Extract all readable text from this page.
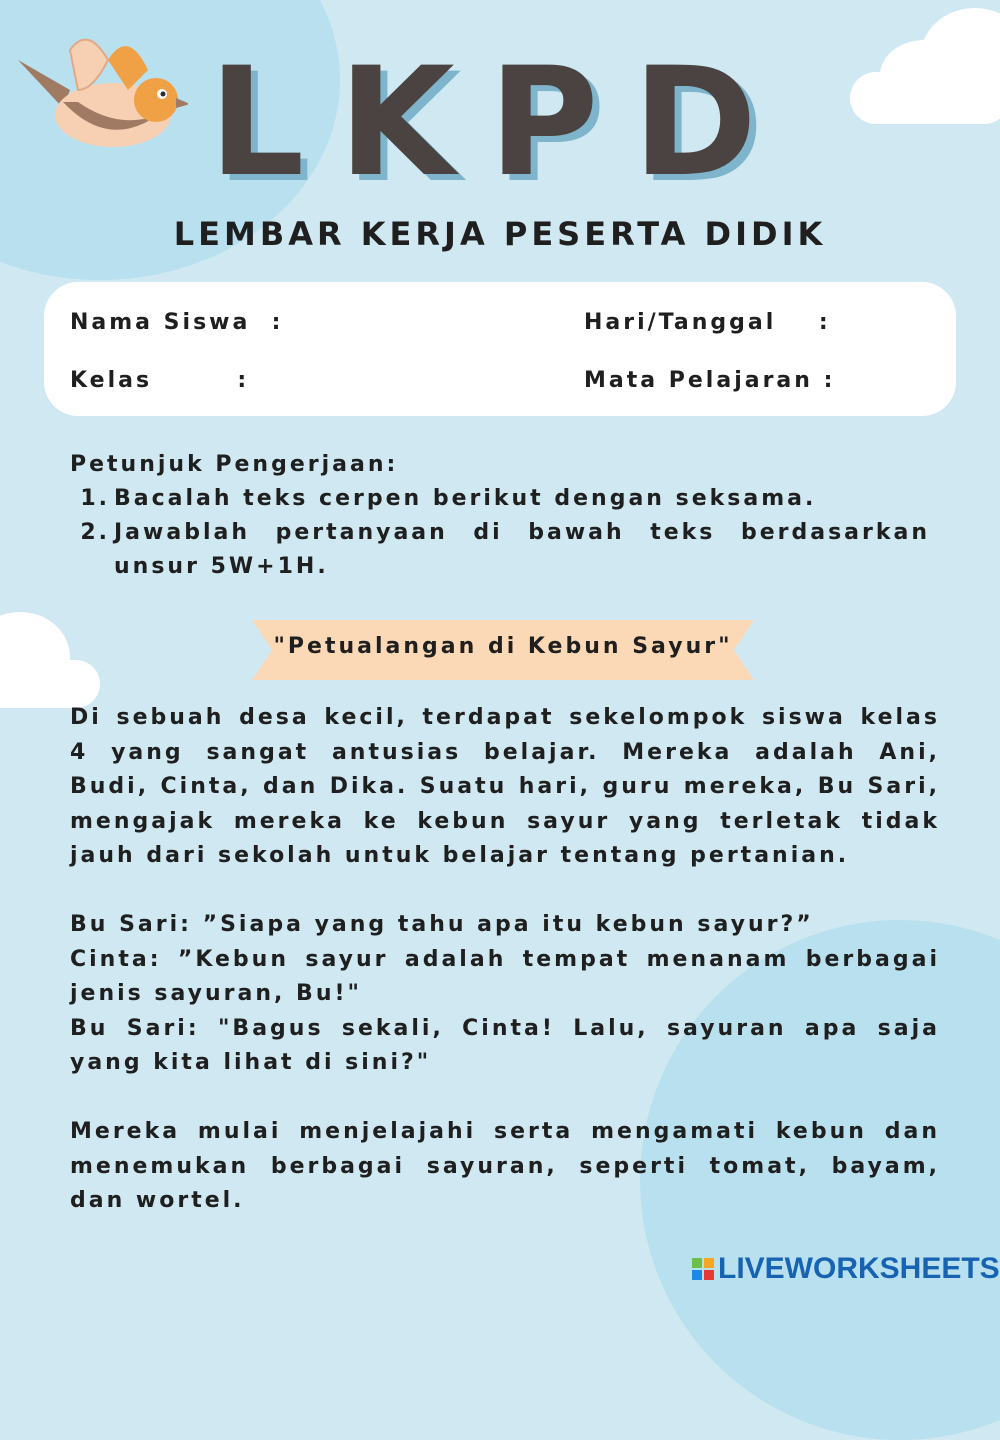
LKPD
LEMBAR KERJA PESERTA DIDIK
Nama Siswa  :
Kelas        :
Hari/Tanggal    :
Mata Pelajaran :
Petunjuk Pengerjaan:
1. Bacalah teks cerpen berikut dengan seksama.
2. Jawablah pertanyaan di bawah teks berdasarkan unsur 5W+1H.
"Petualangan di Kebun Sayur"

Di sebuah desa kecil, terdapat sekelompok siswa kelas 4 yang sangat antusias belajar. Mereka adalah Ani, Budi, Cinta, dan Dika. Suatu hari, guru mereka, Bu Sari, mengajak mereka ke kebun sayur yang terletak tidak jauh dari sekolah untuk belajar tentang pertanian.

Bu Sari: ”Siapa yang tahu apa itu kebun sayur?”

Cinta: ”Kebun sayur adalah tempat menanam berbagai jenis sayuran, Bu!"

Bu Sari: "Bagus sekali, Cinta! Lalu, sayuran apa saja yang kita lihat di sini?"

Mereka mulai menjelajahi serta mengamati kebun dan menemukan berbagai sayuran, seperti tomat, bayam, dan wortel.

LIVEWORKSHEETS
